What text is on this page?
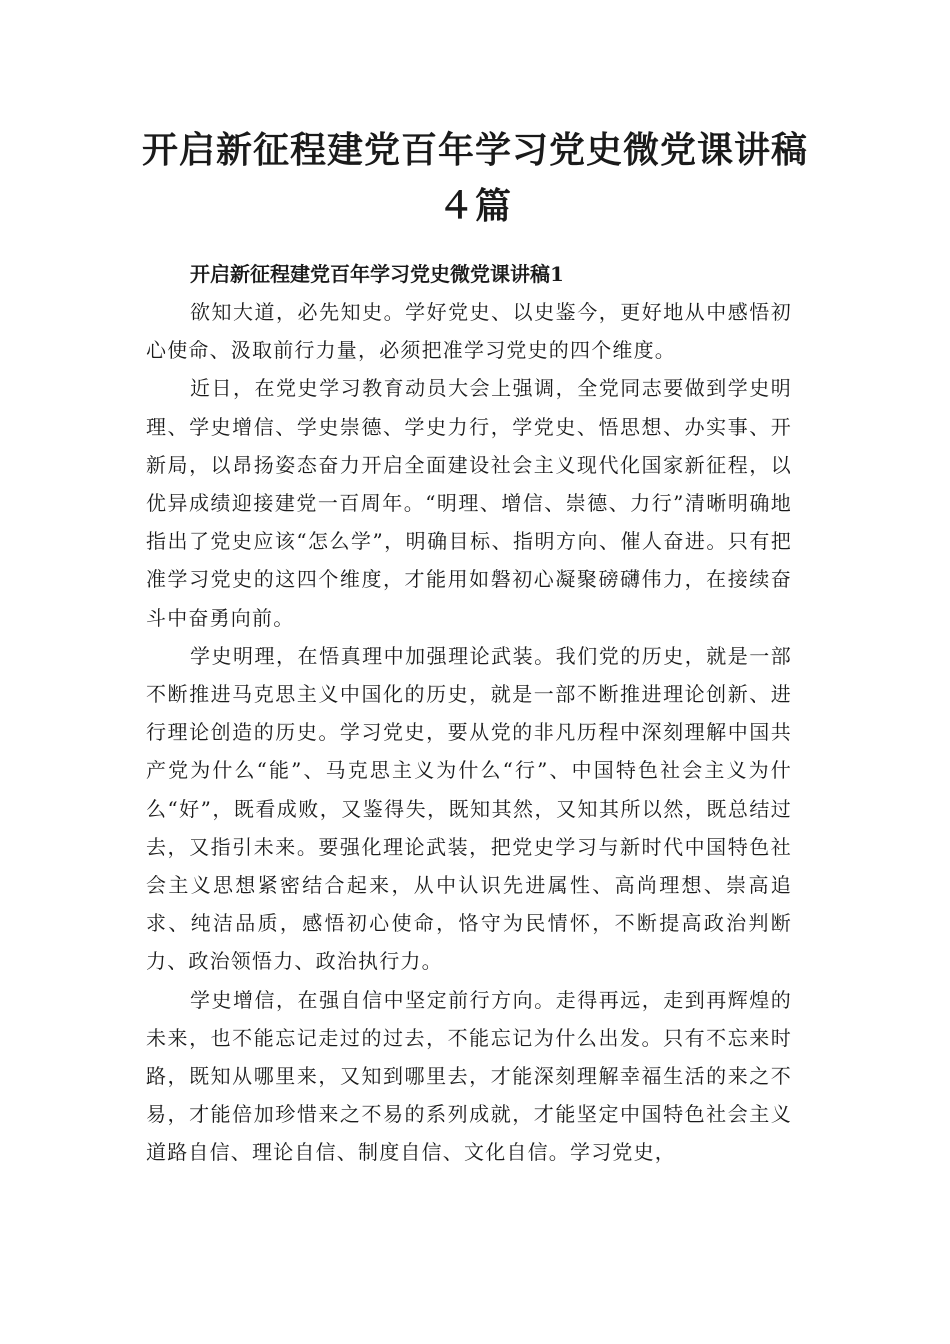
开启新征程建党百年学习党史微党课讲稿４篇

开启新征程建党百年学习党史微党课讲稿1

欲知大道，必先知史。学好党史、以史鉴今，更好地从中感悟初心使命、汲取前行力量，必须把准学习党史的四个维度。

近日，在党史学习教育动员大会上强调，全党同志要做到学史明理、学史增信、学史崇德、学史力行，学党史、悟思想、办实事、开新局，以昂扬姿态奋力开启全面建设社会主义现代化国家新征程，以优异成绩迎接建党一百周年。“明理、增信、崇德、力行”清晰明确地指出了党史应该“怎么学”，明确目标、指明方向、催人奋进。只有把准学习党史的这四个维度，才能用如磐初心凝聚磅礴伟力，在接续奋斗中奋勇向前。

学史明理，在悟真理中加强理论武装。我们党的历史，就是一部不断推进马克思主义中国化的历史，就是一部不断推进理论创新、进行理论创造的历史。学习党史，要从党的非凡历程中深刻理解中国共产党为什么“能”、马克思主义为什么“行”、中国特色社会主义为什么“好”，既看成败，又鉴得失，既知其然，又知其所以然，既总结过去，又指引未来。要强化理论武装，把党史学习与新时代中国特色社会主义思想紧密结合起来，从中认识先进属性、高尚理想、崇高追求、纯洁品质，感悟初心使命，恪守为民情怀，不断提高政治判断力、政治领悟力、政治执行力。

学史增信，在强自信中坚定前行方向。走得再远，走到再辉煌的未来，也不能忘记走过的过去，不能忘记为什么出发。只有不忘来时路，既知从哪里来，又知到哪里去，才能深刻理解幸福生活的来之不易，才能倍加珍惜来之不易的系列成就，才能坚定中国特色社会主义道路自信、理论自信、制度自信、文化自信。学习党史，
